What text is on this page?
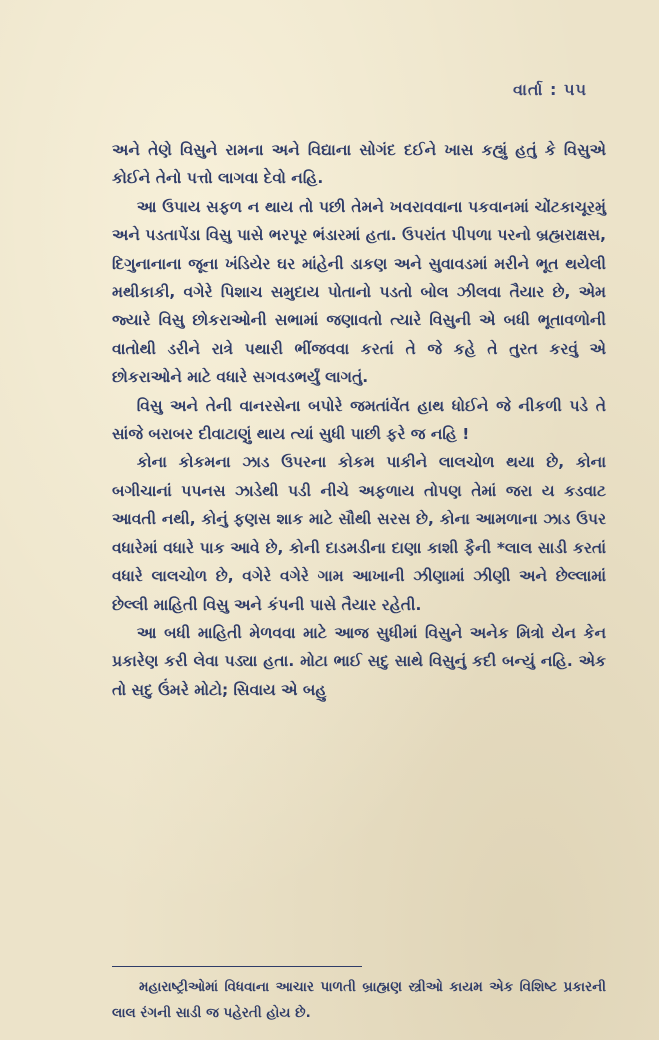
વાર્તા : ૫૫

અને તેણે વિસુને રામના અને વિદ્યાના સોગંદ દઈને ખાસ કહ્યું હતું કે વિસુએ કોઈને તેનો પત્તો લાગવા દેવો નહિ.

આ ઉપાય સફળ ન થાય તો પછી તેમને ખવરાવવાના પકવાનમાં ચોંટકાચૂરમું અને પડતાપેંડા વિસુ પાસે ભરપૂર ભંડારમાં હતા. ઉપરાંત પીપળા પરનો બ્રહ્મરાક્ષસ, દિગુનાનાના જૂના ખંડિયેર ઘર માંહેની ડાકણ અને સુવાવડમાં મરીને ભૂત થયેલી મથીકાકી, વગેરે પિશાચ સમુદાય પોતાનો પડતો બોલ ઝીલવા તૈયાર છે, એમ જ્યારે વિસુ છોકરાઓની સભામાં જણાવતો ત્યારે વિસુની એ બધી ભૂતાવળોની વાતોથી ડરીને રાત્રે પથારી ભીંજવવા કરતાં તે જે કહે તે તુરત કરવું એ છોકરાઓને માટે વધારે સગવડભર્યું લાગતું.

વિસુ અને તેની વાનરસેના બપોરે જમતાંવેંત હાથ ધોઈને જે નીકળી પડે તે સાંજે બરાબર દીવાટાણું થાય ત્યાં સુધી પાછી ફરે જ નહિ !

કોના કોકમના ઝાડ ઉપરના કોકમ પાકીને લાલચોળ થયા છે, કોના બગીચાનાં પપનસ ઝાડેથી પડી નીચે અફળાય તોપણ તેમાં જરા ય કડવાટ આવતી નથી, કોનું ફણસ શાક માટે સૌથી સરસ છે, કોના આમળાના ઝાડ ઉપર વધારેમાં વધારે પાક આવે છે, કોની દાડમડીના દાણા કાશી ફૈની *લાલ સાડી કરતાં વધારે લાલચોળ છે, વગેરે વગેરે ગામ આખાની ઝીણામાં ઝીણી અને છેલ્લામાં છેલ્લી માહિતી વિસુ અને કંપની પાસે તૈયાર રહેતી.

આ બધી માહિતી મેળવવા માટે આજ સુધીમાં વિસુને અનેક મિત્રો યેન કેન પ્રકારેણ કરી લેવા પડ્યા હતા. મોટા ભાઈ સદુ સાથે વિસુનું કદી બન્યું નહિ. એક તો સદુ ઉંમરે મોટો; સિવાય એ બહુ

મહારાષ્ટ્રીઓમાં વિધવાના આચાર પાળતી બ્રાહ્મણ સ્ત્રીઓ કાયમ એક વિશિષ્ટ પ્રકારની લાલ રંગની સાડી જ પહેરતી હોય છે.
